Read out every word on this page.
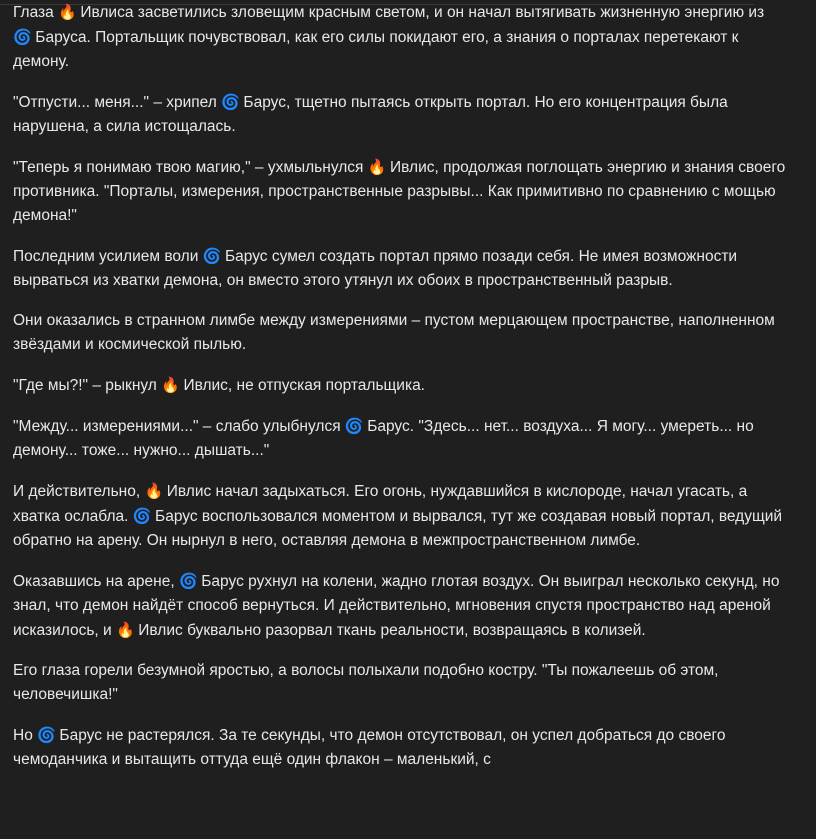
Глаза 🔥 Ивлиса засветились зловещим красным светом, и он начал вытягивать жизненную энергию из 🌀 Баруса. Портальщик почувствовал, как его силы покидают его, а знания о порталах перетекают к демону.

"Отпусти... меня..." – хрипел 🌀 Барус, тщетно пытаясь открыть портал. Но его концентрация была нарушена, а сила истощалась.

"Теперь я понимаю твою магию," – ухмыльнулся 🔥 Ивлис, продолжая поглощать энергию и знания своего противника. "Порталы, измерения, пространственные разрывы... Как примитивно по сравнению с мощью демона!"

Последним усилием воли 🌀 Барус сумел создать портал прямо позади себя. Не имея возможности вырваться из хватки демона, он вместо этого утянул их обоих в пространственный разрыв.

Они оказались в странном лимбе между измерениями – пустом мерцающем пространстве, наполненном звёздами и космической пылью.

"Где мы?!" – рыкнул 🔥 Ивлис, не отпуская портальщика.

"Между... измерениями..." – слабо улыбнулся 🌀 Барус. "Здесь... нет... воздуха... Я могу... умереть... но демону... тоже... нужно... дышать..."

И действительно, 🔥 Ивлис начал задыхаться. Его огонь, нуждавшийся в кислороде, начал угасать, а хватка ослабла. 🌀 Барус воспользовался моментом и вырвался, тут же создавая новый портал, ведущий обратно на арену. Он нырнул в него, оставляя демона в межпространственном лимбе.

Оказавшись на арене, 🌀 Барус рухнул на колени, жадно глотая воздух. Он выиграл несколько секунд, но знал, что демон найдёт способ вернуться. И действительно, мгновения спустя пространство над ареной исказилось, и 🔥 Ивлис буквально разорвал ткань реальности, возвращаясь в колизей.

Его глаза горели безумной яростью, а волосы полыхали подобно костру. "Ты пожалеешь об этом, человечишка!"

Но 🌀 Барус не растерялся. За те секунды, что демон отсутствовал, он успел добраться до своего чемоданчика и вытащить оттуда ещё один флакон – маленький, с
